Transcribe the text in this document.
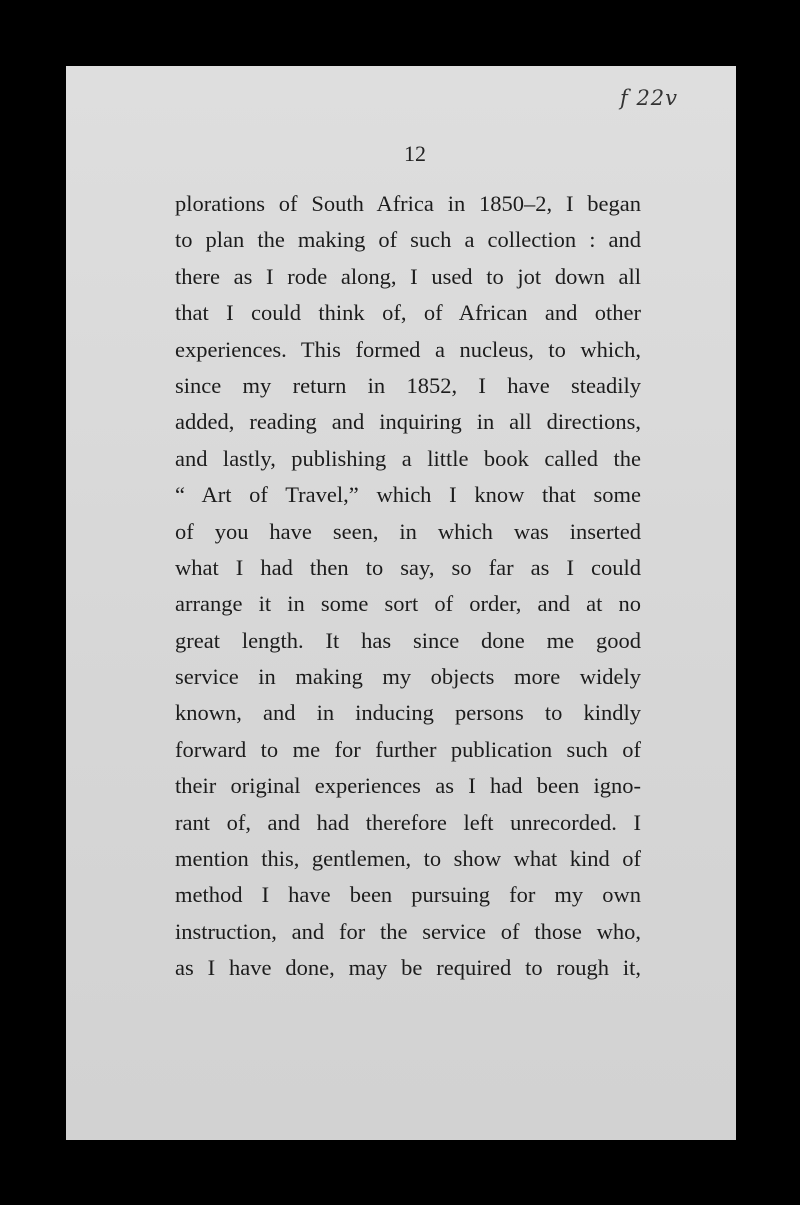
f 22v
12
plorations of South Africa in 1850–2, I began
to plan the making of such a collection : and
there as I rode along, I used to jot down all
that I could think of, of African and other
experiences. This formed a nucleus, to which,
since my return in 1852, I have steadily
added, reading and inquiring in all directions,
and lastly, publishing a little book called the
“ Art of Travel,” which I know that some
of you have seen, in which was inserted
what I had then to say, so far as I could
arrange it in some sort of order, and at no
great length. It has since done me good
service in making my objects more widely
known, and in inducing persons to kindly
forward to me for further publication such of
their original experiences as I had been igno-
rant of, and had therefore left unrecorded. I
mention this, gentlemen, to show what kind of
method I have been pursuing for my own
instruction, and for the service of those who,
as I have done, may be required to rough it,
